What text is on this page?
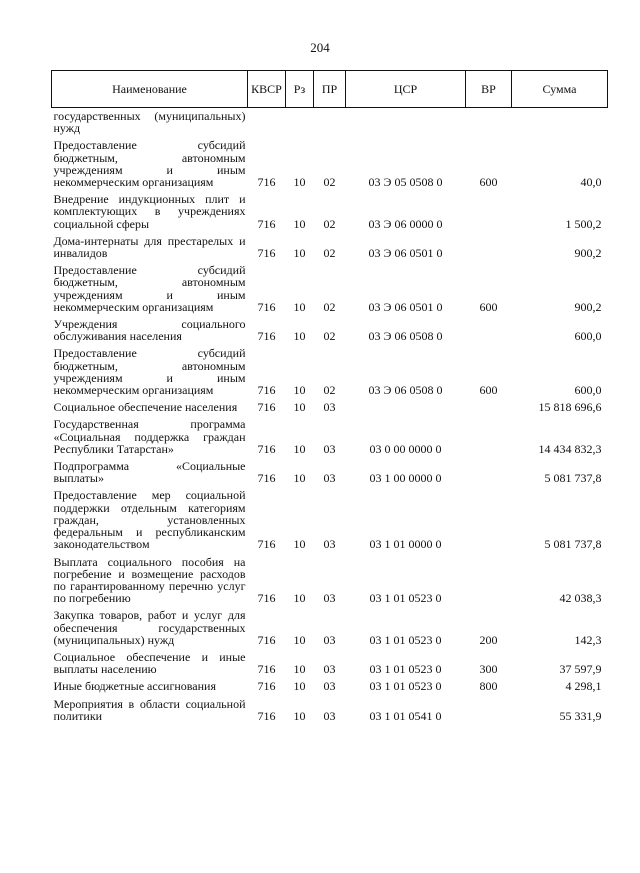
204
Наименование	КВСР	Рз	ПР	ЦСР	ВР	Сумма
государственных (муниципальных) нужд						
Предоставление субсидий бюджетным, автономным учреждениям и иным некоммерческим организациям	716	10	02	03 Э 05 0508 0	600	40,0
Внедрение индукционных плит и комплектующих в учреждениях социальной сферы	716	10	02	03 Э 06 0000 0		1 500,2
Дома-интернаты для престарелых и инвалидов	716	10	02	03 Э 06 0501 0		900,2
Предоставление субсидий бюджетным, автономным учреждениям и иным некоммерческим организациям	716	10	02	03 Э 06 0501 0	600	900,2
Учреждения социального обслуживания населения	716	10	02	03 Э 06 0508 0		600,0
Предоставление субсидий бюджетным, автономным учреждениям и иным некоммерческим организациям	716	10	02	03 Э 06 0508 0	600	600,0
Социальное обеспечение населения	716	10	03			15 818 696,6
Государственная программа «Социальная поддержка граждан Республики Татарстан»	716	10	03	03 0 00 0000 0		14 434 832,3
Подпрограмма «Социальные выплаты»	716	10	03	03 1 00 0000 0		5 081 737,8
Предоставление мер социальной поддержки отдельным категориям граждан, установленных федеральным и республиканским законодательством	716	10	03	03 1 01 0000 0		5 081 737,8
Выплата социального пособия на погребение и возмещение расходов по гарантированному перечню услуг по погребению	716	10	03	03 1 01 0523 0		42 038,3
Закупка товаров, работ и услуг для обеспечения государственных (муниципальных) нужд	716	10	03	03 1 01 0523 0	200	142,3
Социальное обеспечение и иные выплаты населению	716	10	03	03 1 01 0523 0	300	37 597,9
Иные бюджетные ассигнования	716	10	03	03 1 01 0523 0	800	4 298,1
Мероприятия в области социальной политики	716	10	03	03 1 01 0541 0		55 331,9
